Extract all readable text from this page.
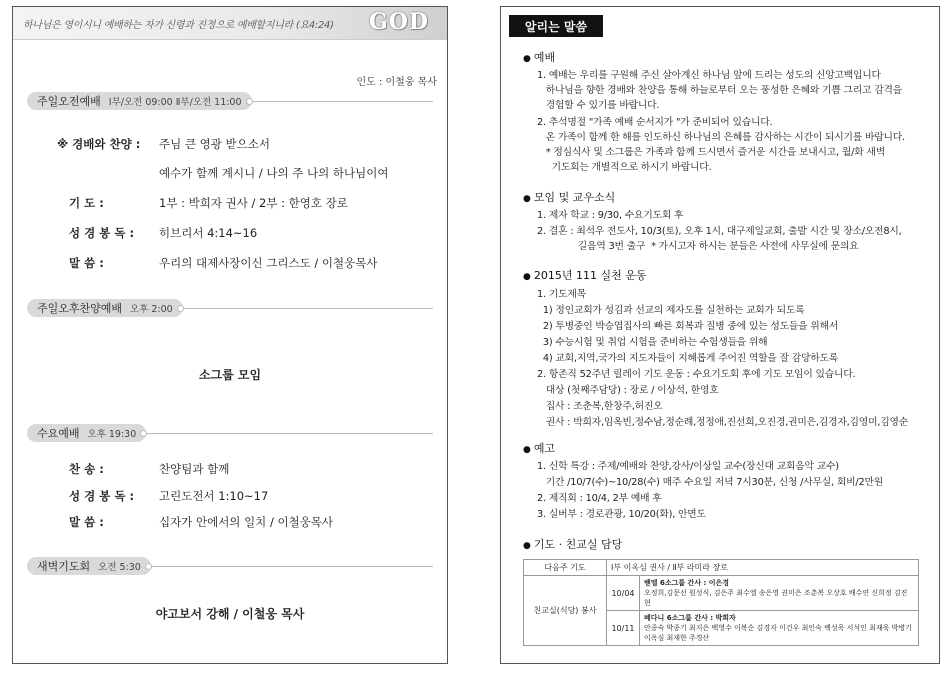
하나님은 영이시니 예배하는 자가 신령과 진정으로 예배할지니라 (요4:24) GOD
인도 : 이철웅 목사
주일오전예배 Ⅰ부/오전 09:00 Ⅱ부/오전 11:00
※ 경배와 찬양 : 주님 큰 영광 받으소서
예수가 함께 계시니 / 나의 주 나의 하나님이여
기 도 :	1부 : 박희자 권사 / 2부 : 한영호 장로
성 경 봉 독 : 히브리서 4:14~16
말 씀 :	우리의 대제사장이신 그리스도 / 이철웅목사
주일오후찬양예배 오후 2:00
소그룹 모임
수요예배 오후 19:30
찬 송 :	찬양팀과 함께
성 경 봉 독 : 고린도전서 1:10~17
말 씀 :	십자가 안에서의 일치 / 이철웅목사
새벽기도회 오전 5:30
야고보서 강해 / 이철웅 목사
알리는 말씀
● 예배
1. 예배는 우리를 구원해 주신 살아계신 하나님 앞에 드리는 성도의 신앙고백입니다
하나님을 향한 경배와 찬양을 통해 하늘로부터 오는 풍성한 은혜와 기쁨 그리고 감격을
경험할 수 있기를 바랍니다.
2. 추석명절 "가족 예배 순서지가 "가 준비되어 있습니다.
온 가족이 함께 한 해를 인도하신 하나님의 은혜를 감사하는 시간이 되시기를 바랍니다.
* 정심식사 및 소그룹은 가족과 함께 드시면서 즐거운 시간을 보내시고, 월/화 새벽
기도회는 개별적으로 하시기 바랍니다.
● 모임 및 교우소식
1. 제자 학교 : 9/30, 수요기도회 후
2. 결혼 : 최석우 전도사, 10/3(토), 오후 1시, 대구제일교회, 출발 시간 및 장소/오전8시,
길음역 3번 출구  * 가시고자 하시는 분들은 사전에 사무실에 문의요
● 2015년 111 실천 운동
1. 기도제목
1) 정인교회가 성김과 선교의 제자도를 실천하는 교회가 되도록
2) 투병중인 박승엽집사의 빠른 회복과 질병 중에 있는 성도들을 위해서
3) 수능시험 및 취업 시험을 준비하는 수험생들을 위해
4) 교회,지역,국가의 지도자들이 지혜롭게 주어진 역할을 잘 감당하도록
2. 항존직 52주년 릴레이 기도 운동 : 수요기도회 후에 기도 모임이 있습니다.
대상 (첫째주담당) : 장로 / 이상석, 한영호
집사 : 조춘복,한창주,허진오
권사 : 박희자,임옥빈,정수남,정순례,정정애,진선희,오진경,권미은,김경자,김영미,김영순
● 예고
1. 신학 특강 : 주제/예배와 찬양,강사/이상일 교수(장신대 교회음악 교수)
기간 /10/7(수)~10/28(수) 매주 수요일 저녁 7시30분, 신청 /사무실, 회비/2만원
2. 제직회 : 10/4, 2부 예배 후
3. 실버부 : 경로관광, 10/20(화), 안면도
● 기도 · 친교실 담당
다음주 기도	Ⅰ부 이옥심 권사 / Ⅱ부 라미라 장로	
친교실(식당) 봉사	10/04	벧엘 6소그룹 간사 : 이은경
오정희,김문선 원성식, 김은주 최수엘 송은영 권미은 조춘복 오상호 배수연 신희정 김진현

	10/11	베다니 6소그룹 간사 : 박희자
안종숙 박종기 최지은 백영수 이복순 김경자 이건우 최인숙 백성욱 서석인 최재욱 박병기 이옥심 최재한 주경산
